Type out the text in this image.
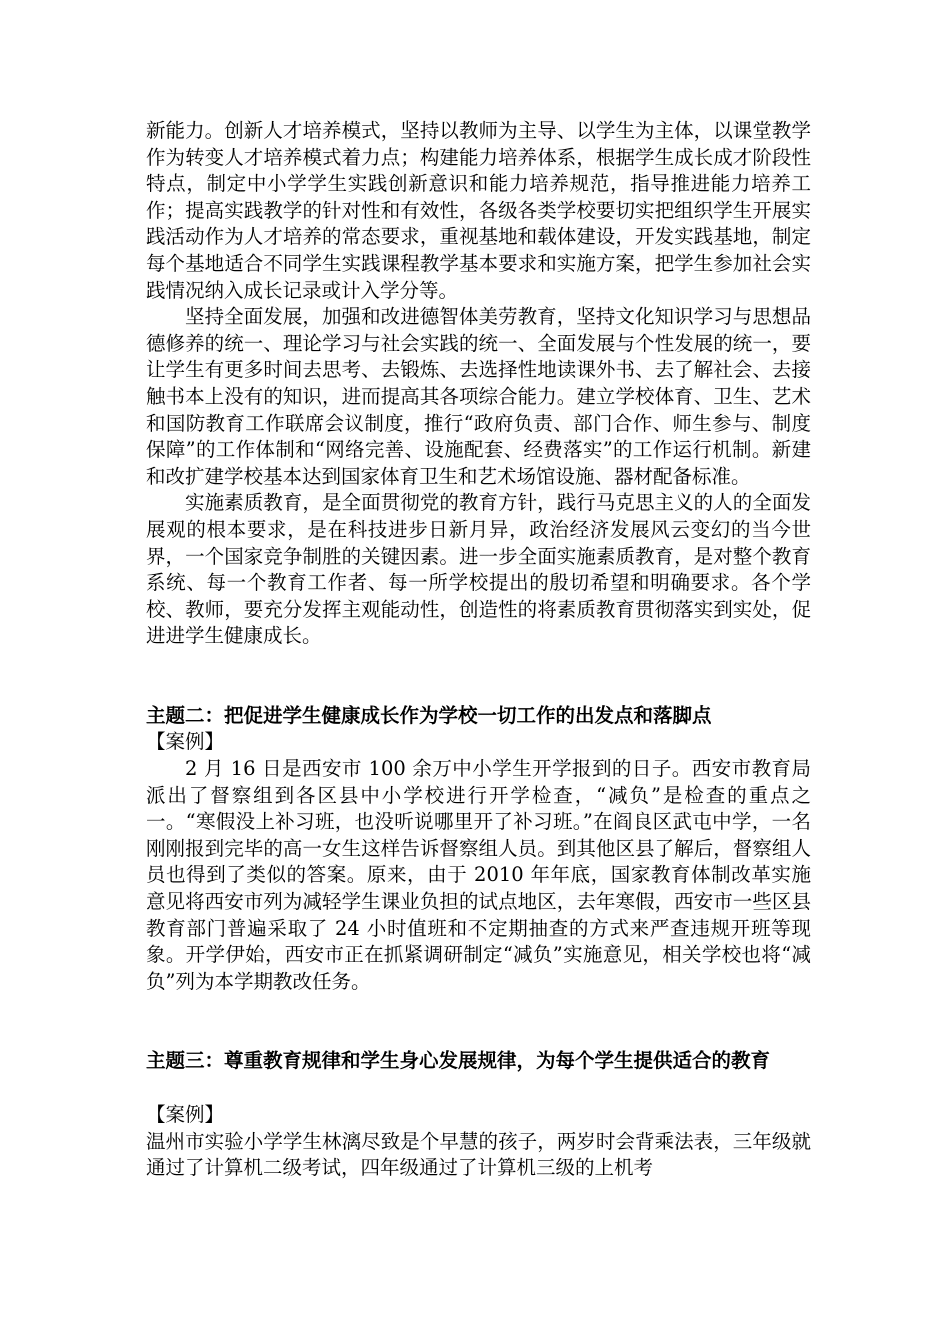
新能力。创新人才培养模式，坚持以教师为主导、以学生为主体，以课堂教学作为转变人才培养模式着力点；构建能力培养体系，根据学生成长成才阶段性特点，制定中小学学生实践创新意识和能力培养规范，指导推进能力培养工作；提高实践教学的针对性和有效性，各级各类学校要切实把组织学生开展实践活动作为人才培养的常态要求，重视基地和载体建设，开发实践基地，制定每个基地适合不同学生实践课程教学基本要求和实施方案，把学生参加社会实践情况纳入成长记录或计入学分等。

坚持全面发展，加强和改进德智体美劳教育，坚持文化知识学习与思想品德修养的统一、理论学习与社会实践的统一、全面发展与个性发展的统一，要让学生有更多时间去思考、去锻炼、去选择性地读课外书、去了解社会、去接触书本上没有的知识，进而提高其各项综合能力。建立学校体育、卫生、艺术和国防教育工作联席会议制度，推行“政府负责、部门合作、师生参与、制度保障”的工作体制和“网络完善、设施配套、经费落实”的工作运行机制。新建和改扩建学校基本达到国家体育卫生和艺术场馆设施、器材配备标准。

实施素质教育，是全面贯彻党的教育方针，践行马克思主义的人的全面发展观的根本要求，是在科技进步日新月异，政治经济发展风云变幻的当今世界，一个国家竞争制胜的关键因素。进一步全面实施素质教育，是对整个教育系统、每一个教育工作者、每一所学校提出的殷切希望和明确要求。各个学校、教师，要充分发挥主观能动性，创造性的将素质教育贯彻落实到实处，促进进学生健康成长。

主题二：把促进学生健康成长作为学校一切工作的出发点和落脚点

【案例】

2 月 16 日是西安市 100 余万中小学生开学报到的日子。西安市教育局派出了督察组到各区县中小学校进行开学检查，“减负”是检查的重点之一。“寒假没上补习班，也没听说哪里开了补习班。”在阎良区武屯中学，一名刚刚报到完毕的高一女生这样告诉督察组人员。到其他区县了解后，督察组人员也得到了类似的答案。原来，由于 2010 年年底，国家教育体制改革实施意见将西安市列为减轻学生课业负担的试点地区，去年寒假，西安市一些区县教育部门普遍采取了 24 小时值班和不定期抽查的方式来严查违规开班等现象。开学伊始，西安市正在抓紧调研制定“减负”实施意见，相关学校也将“减负”列为本学期教改任务。

主题三：尊重教育规律和学生身心发展规律，为每个学生提供适合的教育

【案例】

温州市实验小学学生林漓尽致是个早慧的孩子，两岁时会背乘法表，三年级就通过了计算机二级考试，四年级通过了计算机三级的上机考
